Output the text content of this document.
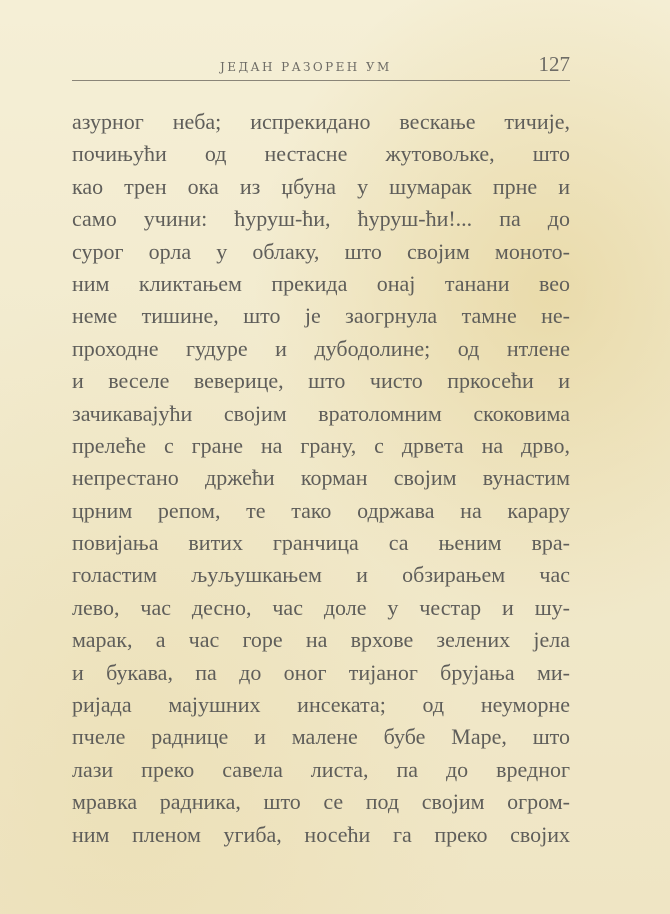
ЈЕДАН РАЗОРЕН УМ	127
азурног неба; испрекидано вескање тичије,
почињући од нестасне жутовољке, што
као трен ока из џбуна у шумарак прне и
само учини: ћуруш-ћи, ћуруш-ћи!... па до
сурог орла у облаку, што својим моното-
ним кликтањем прекида онај танани вео
неме тишине, што је заогрнула тамне не-
проходне гудуре и дубодолине; од нтлене
и веселе веверице, што чисто пркосећи и
зачикавајући својим вратоломним скоковима
прелеће с гране на грану, с дрвета на дрво,
непрестано држећи корман својим вунастим
црним репом, те тако одржава на карару
повијања витих гранчица са њеним вра-
голастим љуљушкањем и обзирањем час
лево, час десно, час доле у честар и шу-
марак, а час горе на врхове зелених јела
и букава, па до оног тијаног брујања ми-
ријада мајушних инсеката; од неуморне
пчеле раднице и малене бубе Маре, што
лази преко савела листа, па до вредног
мравка радника, што се под својим огром-
ним пленом угиба, носећи га преко својих
